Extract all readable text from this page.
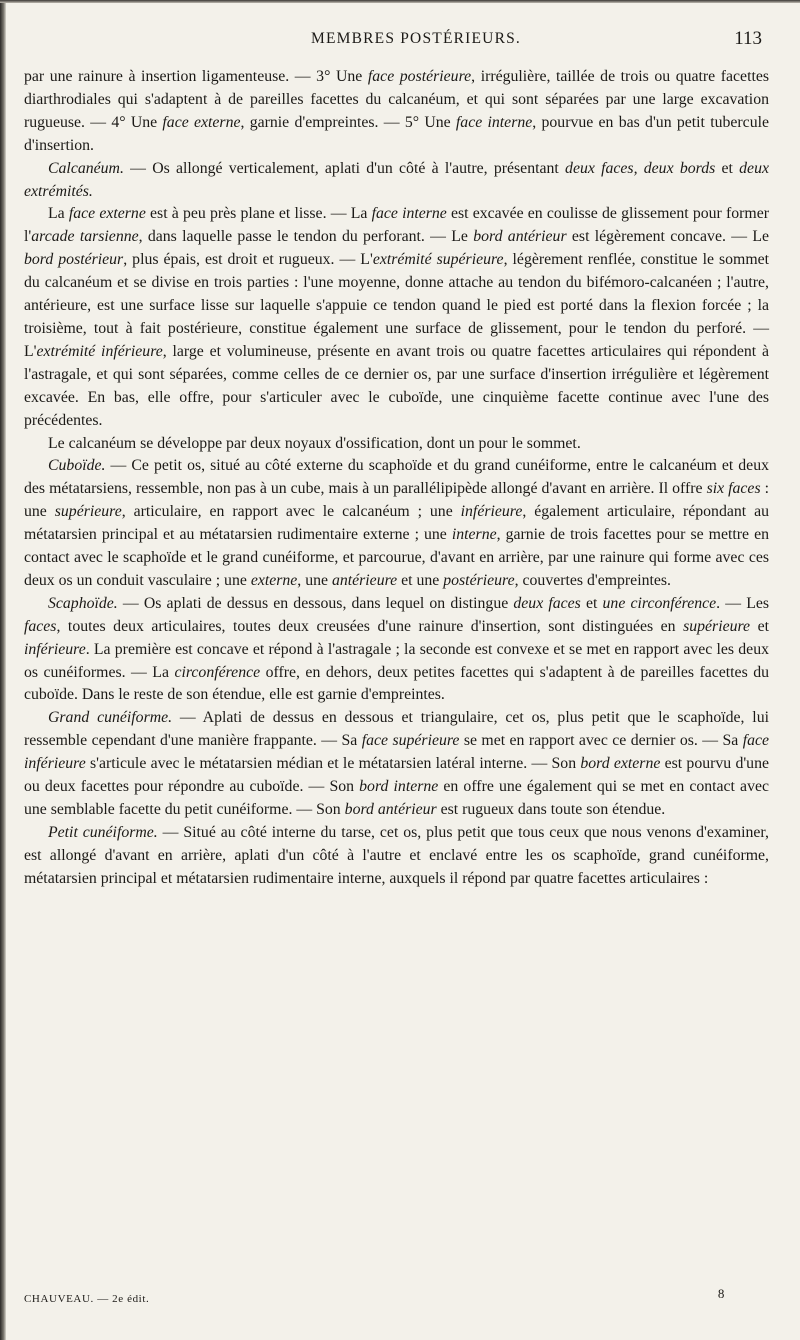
MEMBRES POSTÉRIEURS.	113

par une rainure à insertion ligamenteuse. — 3° Une face postérieure, irrégulière, taillée de trois ou quatre facettes diarthrodiales qui s'adaptent à de pareilles facettes du calcanéum, et qui sont séparées par une large excavation rugueuse. — 4° Une face externe, garnie d'empreintes. — 5° Une face interne, pourvue en bas d'un petit tubercule d'insertion.

Calcanéum. — Os allongé verticalement, aplati d'un côté à l'autre, présentant deux faces, deux bords et deux extrémités.

La face externe est à peu près plane et lisse. — La face interne est excavée en coulisse de glissement pour former l'arcade tarsienne, dans laquelle passe le tendon du perforant. — Le bord antérieur est légèrement concave. — Le bord postérieur, plus épais, est droit et rugueux. — L'extrémité supérieure, légèrement renflée, constitue le sommet du calcanéum et se divise en trois parties : l'une moyenne, donne attache au tendon du bifémoro-calcanéen ; l'autre, antérieure, est une surface lisse sur laquelle s'appuie ce tendon quand le pied est porté dans la flexion forcée ; la troisième, tout à fait postérieure, constitue également une surface de glissement, pour le tendon du perforé. — L'extrémité inférieure, large et volumineuse, présente en avant trois ou quatre facettes articulaires qui répondent à l'astragale, et qui sont séparées, comme celles de ce dernier os, par une surface d'insertion irrégulière et légèrement excavée. En bas, elle offre, pour s'articuler avec le cuboïde, une cinquième facette continue avec l'une des précédentes.

Le calcanéum se développe par deux noyaux d'ossification, dont un pour le sommet.

Cuboïde. — Ce petit os, situé au côté externe du scaphoïde et du grand cunéiforme, entre le calcanéum et deux des métatarsiens, ressemble, non pas à un cube, mais à un parallélipipède allongé d'avant en arrière. Il offre six faces : une supérieure, articulaire, en rapport avec le calcanéum ; une inférieure, également articulaire, répondant au métatarsien principal et au métatarsien rudimentaire externe ; une interne, garnie de trois facettes pour se mettre en contact avec le scaphoïde et le grand cunéiforme, et parcourue, d'avant en arrière, par une rainure qui forme avec ces deux os un conduit vasculaire ; une externe, une antérieure et une postérieure, couvertes d'empreintes.

Scaphoïde. — Os aplati de dessus en dessous, dans lequel on distingue deux faces et une circonférence. — Les faces, toutes deux articulaires, toutes deux creusées d'une rainure d'insertion, sont distinguées en supérieure et inférieure. La première est concave et répond à l'astragale ; la seconde est convexe et se met en rapport avec les deux os cunéiformes. — La circonférence offre, en dehors, deux petites facettes qui s'adaptent à de pareilles facettes du cuboïde. Dans le reste de son étendue, elle est garnie d'empreintes.

Grand cunéiforme. — Aplati de dessus en dessous et triangulaire, cet os, plus petit que le scaphoïde, lui ressemble cependant d'une manière frappante. — Sa face supérieure se met en rapport avec ce dernier os. — Sa face inférieure s'articule avec le métatarsien médian et le métatarsien latéral interne. — Son bord externe est pourvu d'une ou deux facettes pour répondre au cuboïde. — Son bord interne en offre une également qui se met en contact avec une semblable facette du petit cunéiforme. — Son bord antérieur est rugueux dans toute son étendue.

Petit cunéiforme. — Situé au côté interne du tarse, cet os, plus petit que tous ceux que nous venons d'examiner, est allongé d'avant en arrière, aplati d'un côté à l'autre et enclavé entre les os scaphoïde, grand cunéiforme, métatarsien principal et métatarsien rudimentaire interne, auxquels il répond par quatre facettes articulaires :

CHAUVEAU. — 2e édit.	8
